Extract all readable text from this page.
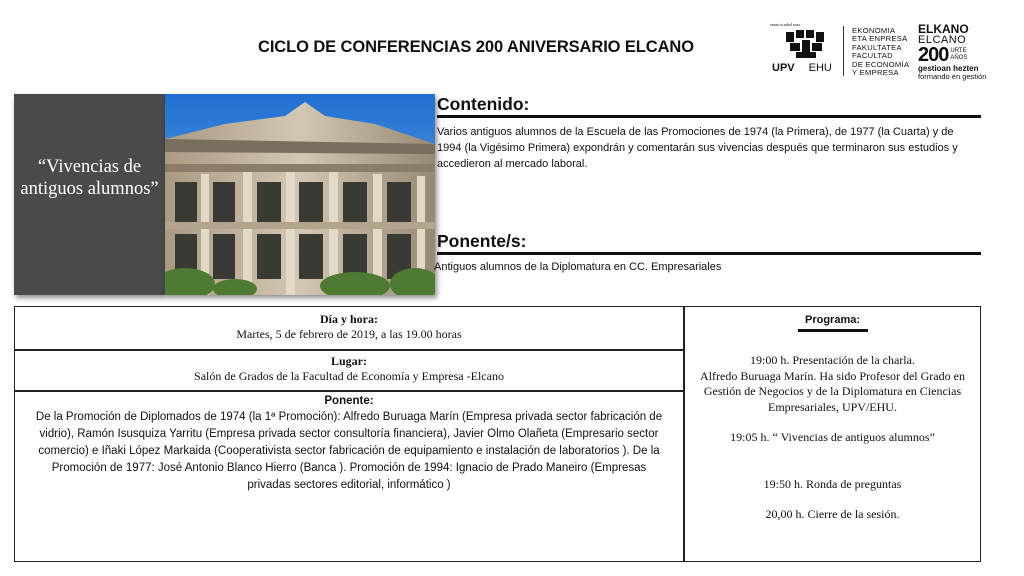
CICLO DE CONFERENCIAS 200 ANIVERSARIO ELCANO
eman ta zabal zazu
UPV EHU
EKONOMIA
ETA ENPRESA
FAKULTATEA
FACULTAD
DE ECONOMÍA
Y EMPRESA
ELKANO
ELCANO
200 URTE
AÑOS
gestioan hezten
formando en gestión
“Vivencias de antiguos alumnos”
Contenido:
Varios antiguos alumnos de la Escuela de las Promociones de 1974 (la Primera), de 1977 (la Cuarta) y de 1994 (la Vigésimo Primera) expondrán y comentarán sus vivencias después que terminaron sus estudios y accedieron al mercado laboral.
Ponente/s:
Antiguos alumnos de la Diplomatura en CC. Empresariales
Día y hora:
Martes, 5 de febrero de 2019, a las 19.00 horas
Lugar:
Salón de Grados de la Facultad de Economía y Empresa -Elcano
Ponente:
De la Promoción de Diplomados de 1974 (la 1ª Promoción): Alfredo Buruaga Marín (Empresa privada sector fabricación de vidrio), Ramón Isusquiza Yarritu (Empresa privada sector consultoría financiera), Javier Olmo Olañeta (Empresario sector comercio) e Iñaki López Markaida (Cooperativista sector fabricación de equipamiento e instalación de laboratorios ). De la Promoción de 1977: José Antonio Blanco Hierro (Banca ). Promoción de 1994: Ignacio de Prado Maneiro (Empresas privadas sectores editorial, informático )
Programa:

19:00 h. Presentación de la charla.

Alfredo Buruaga Marín. Ha sido Profesor del Grado en Gestión de Negocios y de la Diplomatura en Ciencias Empresariales, UPV/EHU.

19:05 h. “ Vivencias de antiguos alumnos”

19:50 h. Ronda de preguntas

20,00 h. Cierre de la sesión.
